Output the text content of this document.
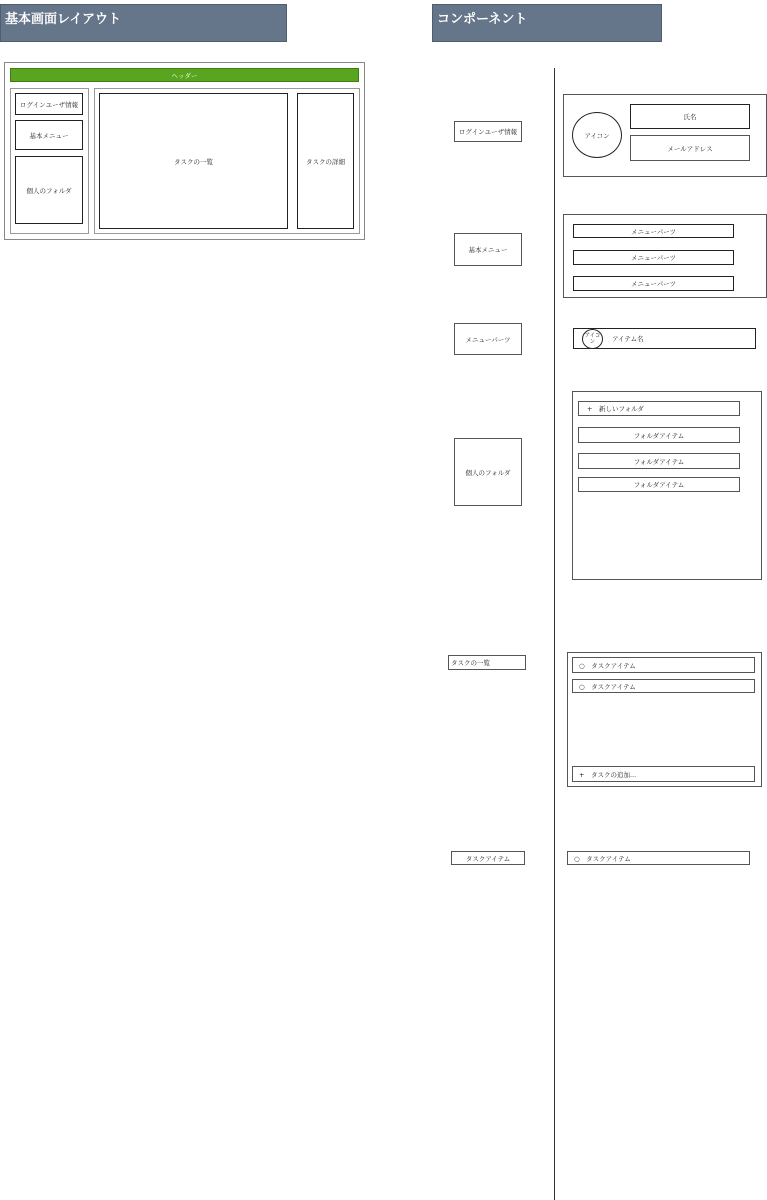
基本画面レイアウト
ヘッダー
ログインユーザ情報
基本メニュー
個人のフォルダ
タスクの一覧	タスクの詳細
コンポーネント
ログインユーザ情報
基本メニュー
メニューパーツ
個人のフォルダ
タスクの一覧
タスクアイテム
アイコン
氏名
メールアドレス
メニューパーツ
メニューパーツ
メニューパーツ
アイテム名
アイコン
+　新しいフォルダ
フォルダアイテム
フォルダアイテム
フォルダアイテム
○　タスクアイテム
○　タスクアイテム
+　タスクの追加...
○　タスクアイテム
